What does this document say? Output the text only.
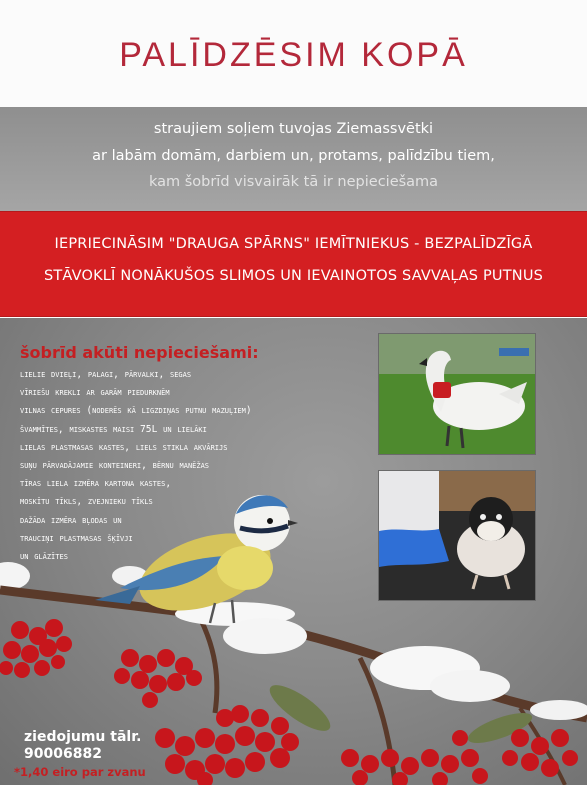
PALĪDZĒSIM KOPĀ
straujiem soļiem tuvojas Ziemassvētki
ar labām domām, darbiem un, protams, palīdzību tiem,
kam šobrīd visvairāk tā ir nepieciešama
IEPRIECINĀSIM "DRAUGA SPĀRNS" IEMĪTNIEKUS - BEZPALĪDZĪGĀ
STĀVOKLĪ NONĀKUŠOS SLIMOS UN IEVAINOTOS SAVVAĻAS PUTNUS
šobrīd akūti nepieciešami:
lielie dvieļi, palagi, pārvalki, segas
vīriešu krekli ar garām piedurknēm
vilnas cepures (noderēs kā ligzdiņas putnu mazuļiem)
švammītes, miskastes maisi 75L un lielāki
lielas plastmasas kastes, liels stikla akvārijs
suņu pārvadājamie konteineri, bērnu manēžas
tīras liela izmēra kartona kastes,
moskītu tīkls, zvejnieku tīkls
dažāda izmēra bļodas un
trauciņi plastmasas šķīvji
un glāzītes
ziedojumu tālr.
90006882
*1,40 eiro par zvanu
